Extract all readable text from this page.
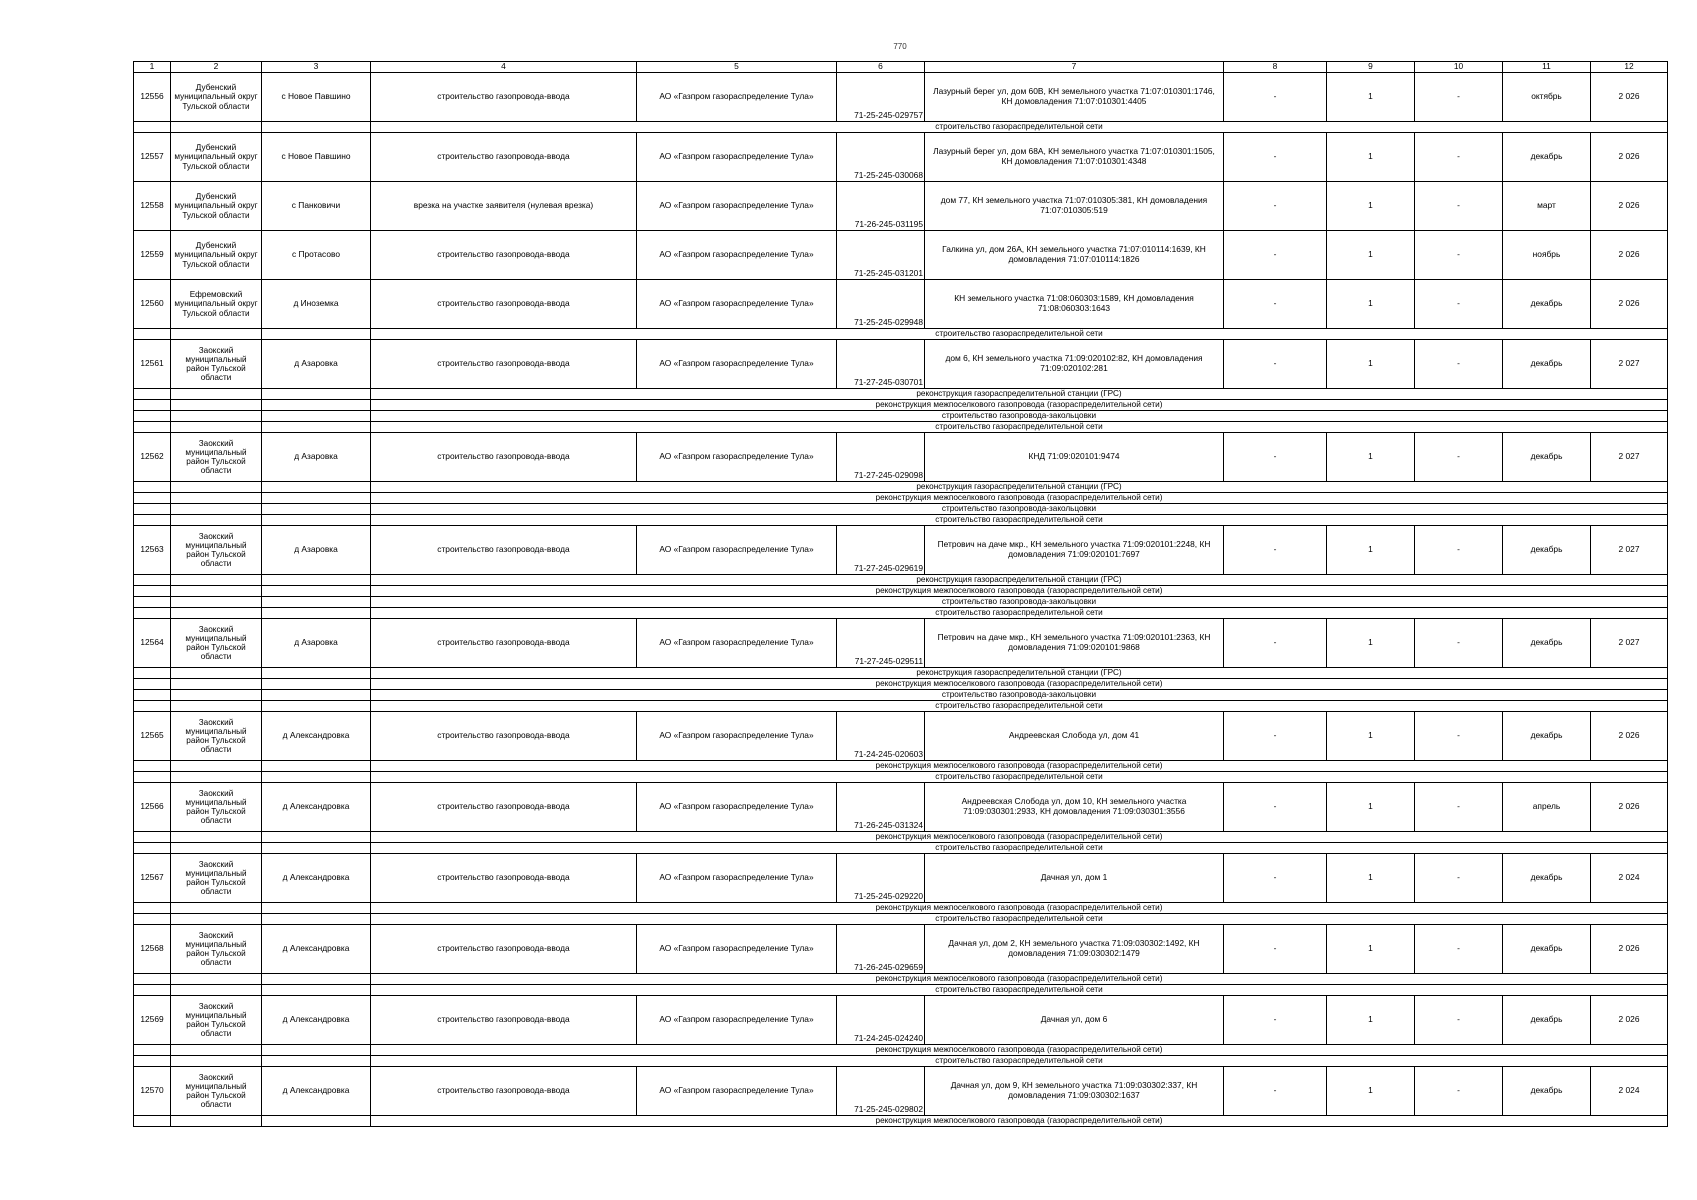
770
1	2	3	4	5	6	7	8	9	10	11	12
12556	Дубенский муниципальный округ Тульской области	с Новое Павшино	строительство газопровода-ввода	АО «Газпром газораспределение Тула»	71-25-245-029757	Лазурный берег ул, дом 60В, КН земельного участка 71:07:010301:1746, КН домовладения 71:07:010301:4405	-	1	-	октябрь	2 026
			строительство газораспределительной сети								
12557	Дубенский муниципальный округ Тульской области	с Новое Павшино	строительство газопровода-ввода	АО «Газпром газораспределение Тула»	71-25-245-030068	Лазурный берег ул, дом 68А, КН земельного участка 71:07:010301:1505, КН домовладения 71:07:010301:4348	-	1	-	декабрь	2 026
12558	Дубенский муниципальный округ Тульской области	с Панковичи	врезка на участке заявителя (нулевая врезка)	АО «Газпром газораспределение Тула»	71-26-245-031195	дом 77, КН земельного участка 71:07:010305:381, КН домовладения 71:07:010305:519	-	1	-	март	2 026
12559	Дубенский муниципальный округ Тульской области	с Протасово	строительство газопровода-ввода	АО «Газпром газораспределение Тула»	71-25-245-031201	Галкина ул, дом 26А, КН земельного участка 71:07:010114:1639, КН домовладения 71:07:010114:1826	-	1	-	ноябрь	2 026
12560	Ефремовский муниципальный округ Тульской области	д Иноземка	строительство газопровода-ввода	АО «Газпром газораспределение Тула»	71-25-245-029948	КН земельного участка 71:08:060303:1589, КН домовладения 71:08:060303:1643	-	1	-	декабрь	2 026
			строительство газораспределительной сети								
12561	Заокский муниципальный район Тульской области	д Азаровка	строительство газопровода-ввода	АО «Газпром газораспределение Тула»	71-27-245-030701	дом 6, КН земельного участка 71:09:020102:82, КН домовладения 71:09:020102:281	-	1	-	декабрь	2 027
			реконструкция газораспределительной станции (ГРС)								
			реконструкция межпоселкового газопровода (газораспределительной сети)								
			строительство газопровода-закольцовки								
			строительство газораспределительной сети								
12562	Заокский муниципальный район Тульской области	д Азаровка	строительство газопровода-ввода	АО «Газпром газораспределение Тула»	71-27-245-029098	КНД 71:09:020101:9474	-	1	-	декабрь	2 027
			реконструкция газораспределительной станции (ГРС)								
			реконструкция межпоселкового газопровода (газораспределительной сети)								
			строительство газопровода-закольцовки								
			строительство газораспределительной сети								
12563	Заокский муниципальный район Тульской области	д Азаровка	строительство газопровода-ввода	АО «Газпром газораспределение Тула»	71-27-245-029619	Петрович на даче мкр., КН земельного участка 71:09:020101:2248, КН домовладения 71:09:020101:7697	-	1	-	декабрь	2 027
			реконструкция газораспределительной станции (ГРС)								
			реконструкция межпоселкового газопровода (газораспределительной сети)								
			строительство газопровода-закольцовки								
			строительство газораспределительной сети								
12564	Заокский муниципальный район Тульской области	д Азаровка	строительство газопровода-ввода	АО «Газпром газораспределение Тула»	71-27-245-029511	Петрович на даче мкр., КН земельного участка 71:09:020101:2363, КН домовладения 71:09:020101:9868	-	1	-	декабрь	2 027
			реконструкция газораспределительной станции (ГРС)								
			реконструкция межпоселкового газопровода (газораспределительной сети)								
			строительство газопровода-закольцовки								
			строительство газораспределительной сети								
12565	Заокский муниципальный район Тульской области	д Александровка	строительство газопровода-ввода	АО «Газпром газораспределение Тула»	71-24-245-020603	Андреевская Слобода ул, дом 41	-	1	-	декабрь	2 026
			реконструкция межпоселкового газопровода (газораспределительной сети)								
			строительство газораспределительной сети								
12566	Заокский муниципальный район Тульской области	д Александровка	строительство газопровода-ввода	АО «Газпром газораспределение Тула»	71-26-245-031324	Андреевская Слобода ул, дом 10, КН земельного участка 71:09:030301:2933, КН домовладения 71:09:030301:3556	-	1	-	апрель	2 026
			реконструкция межпоселкового газопровода (газораспределительной сети)								
			строительство газораспределительной сети								
12567	Заокский муниципальный район Тульской области	д Александровка	строительство газопровода-ввода	АО «Газпром газораспределение Тула»	71-25-245-029220	Дачная ул, дом 1	-	1	-	декабрь	2 024
			реконструкция межпоселкового газопровода (газораспределительной сети)								
			строительство газораспределительной сети								
12568	Заокский муниципальный район Тульской области	д Александровка	строительство газопровода-ввода	АО «Газпром газораспределение Тула»	71-26-245-029659	Дачная ул, дом 2, КН земельного участка 71:09:030302:1492, КН домовладения 71:09:030302:1479	-	1	-	декабрь	2 026
			реконструкция межпоселкового газопровода (газораспределительной сети)								
			строительство газораспределительной сети								
12569	Заокский муниципальный район Тульской области	д Александровка	строительство газопровода-ввода	АО «Газпром газораспределение Тула»	71-24-245-024240	Дачная ул, дом 6	-	1	-	декабрь	2 026
			реконструкция межпоселкового газопровода (газораспределительной сети)								
			строительство газораспределительной сети								
12570	Заокский муниципальный район Тульской области	д Александровка	строительство газопровода-ввода	АО «Газпром газораспределение Тула»	71-25-245-029802	Дачная ул, дом 9, КН земельного участка 71:09:030302:337, КН домовладения 71:09:030302:1637	-	1	-	декабрь	2 024
			реконструкция межпоселкового газопровода (газораспределительной сети)								
